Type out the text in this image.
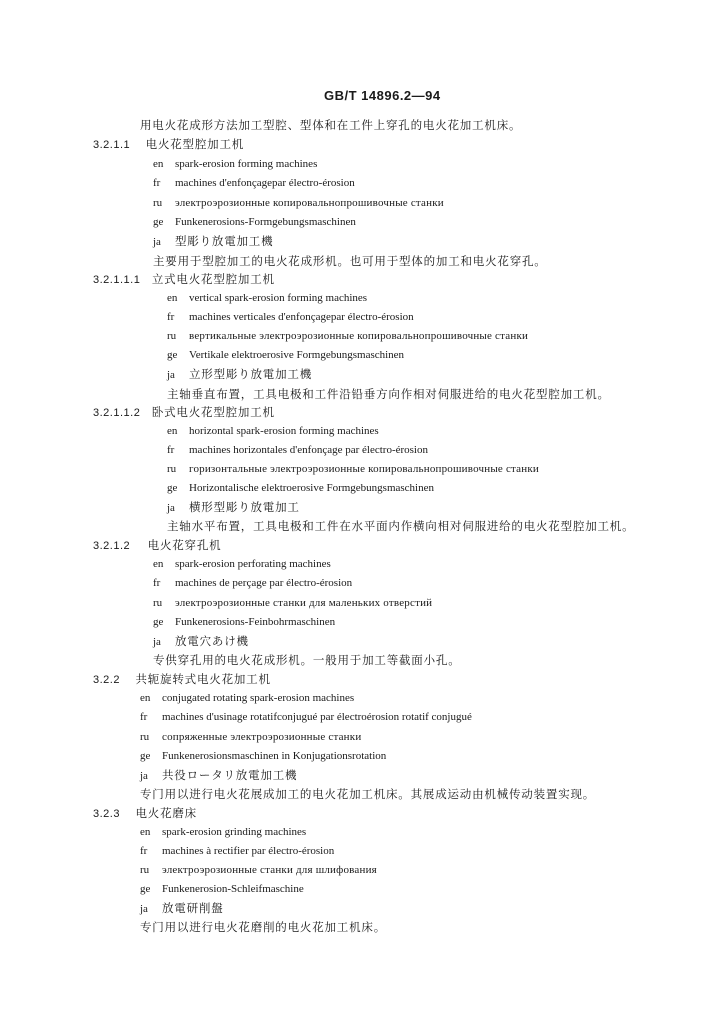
GB/T 14896.2—94
用电火花成形方法加工型腔、型体和在工件上穿孔的电火花加工机床。
3.2.1.1 电火花型腔加工机
en spark-erosion forming machines
fr machines d'enfonçagepar électro-érosion
ru электроэрозионные копировальнопрошивочные станки
ge Funkenerosions-Formgebungsmaschinen
ja 型彫り放電加工機
主要用于型腔加工的电火花成形机。也可用于型体的加工和电火花穿孔。
3.2.1.1.1 立式电火花型腔加工机
en vertical spark-erosion forming machines
fr machines verticales d'enfonçagepar électro-érosion
ru вертикальные электроэрозионные копировальнопрошивочные станки
ge Vertikale elektroerosive Formgebungsmaschinen
ja 立形型彫り放電加工機
主轴垂直布置，工具电极和工件沿铅垂方向作相对伺服进给的电火花型腔加工机。
3.2.1.1.2 卧式电火花型腔加工机
en horizontal spark-erosion forming machines
fr machines horizontales d'enfonçage par électro-érosion
ru горизонтальные электроэрозионные копировальнопрошивочные станки
ge Horizontalische elektroerosive Formgebungsmaschinen
ja 横形型彫り放電加工
主轴水平布置，工具电极和工件在水平面内作横向相对伺服进给的电火花型腔加工机。
3.2.1.2 电火花穿孔机
en spark-erosion perforating machines
fr machines de perçage par électro-érosion
ru электроэрозионные станки для маленьких отверстий
ge Funkenerosions-Feinbohrmaschinen
ja 放電穴あけ機
专供穿孔用的电火花成形机。一般用于加工等截面小孔。
3.2.2 共轭旋转式电火花加工机
en conjugated rotating spark-erosion machines
fr machines d'usinage rotatifconjugué par électroérosion rotatif conjugué
ru сопряженные электроэрозионные станки
ge Funkenerosionsmaschinen in Konjugationsrotation
ja 共役ロータリ放電加工機
专门用以进行电火花展成加工的电火花加工机床。其展成运动由机械传动装置实现。
3.2.3 电火花磨床
en spark-erosion grinding machines
fr machines à rectifier par électro-érosion
ru электроэрозионные станки для шлифования
ge Funkenerosion-Schleifmaschine
ja 放電研削盤
专门用以进行电火花磨削的电火花加工机床。
